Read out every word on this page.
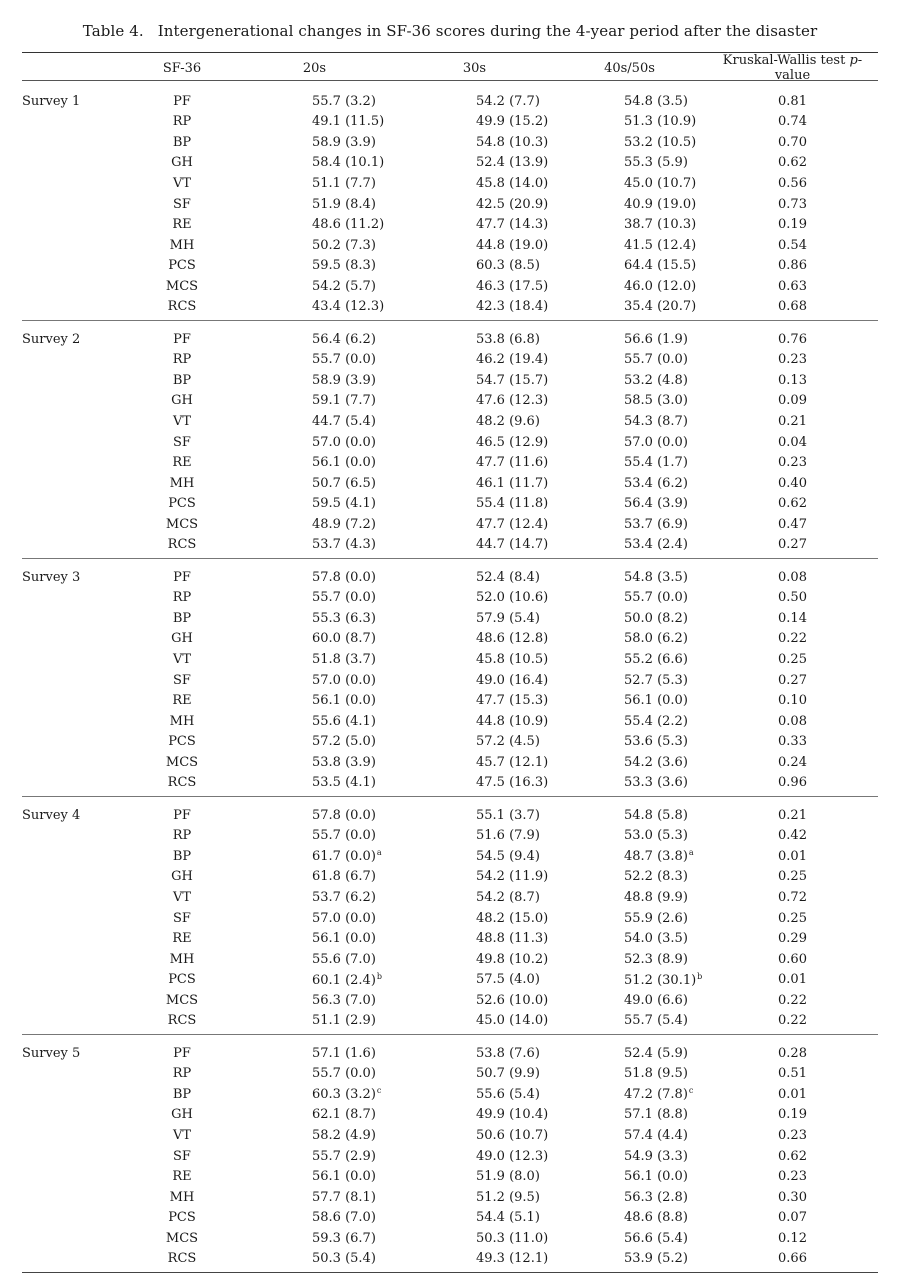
Table 4. Intergenerational changes in SF-36 scores during the 4-year period after the disaster
	SF-36	20s	30s	40s/50s	Kruskal-Wallis test p-value
Survey 1	PF	55.7 (3.2)	54.2 (7.7)	54.8 (3.5)	0.81
	RP	49.1 (11.5)	49.9 (15.2)	51.3 (10.9)	0.74
	BP	58.9 (3.9)	54.8 (10.3)	53.2 (10.5)	0.70
	GH	58.4 (10.1)	52.4 (13.9)	55.3 (5.9)	0.62
	VT	51.1 (7.7)	45.8 (14.0)	45.0 (10.7)	0.56
	SF	51.9 (8.4)	42.5 (20.9)	40.9 (19.0)	0.73
	RE	48.6 (11.2)	47.7 (14.3)	38.7 (10.3)	0.19
	MH	50.2 (7.3)	44.8 (19.0)	41.5 (12.4)	0.54
	PCS	59.5 (8.3)	60.3 (8.5)	64.4 (15.5)	0.86
	MCS	54.2 (5.7)	46.3 (17.5)	46.0 (12.0)	0.63
	RCS	43.4 (12.3)	42.3 (18.4)	35.4 (20.7)	0.68
Survey 2	PF	56.4 (6.2)	53.8 (6.8)	56.6 (1.9)	0.76
	RP	55.7 (0.0)	46.2 (19.4)	55.7 (0.0)	0.23
	BP	58.9 (3.9)	54.7 (15.7)	53.2 (4.8)	0.13
	GH	59.1 (7.7)	47.6 (12.3)	58.5 (3.0)	0.09
	VT	44.7 (5.4)	48.2 (9.6)	54.3 (8.7)	0.21
	SF	57.0 (0.0)	46.5 (12.9)	57.0 (0.0)	0.04
	RE	56.1 (0.0)	47.7 (11.6)	55.4 (1.7)	0.23
	MH	50.7 (6.5)	46.1 (11.7)	53.4 (6.2)	0.40
	PCS	59.5 (4.1)	55.4 (11.8)	56.4 (3.9)	0.62
	MCS	48.9 (7.2)	47.7 (12.4)	53.7 (6.9)	0.47
	RCS	53.7 (4.3)	44.7 (14.7)	53.4 (2.4)	0.27
Survey 3	PF	57.8 (0.0)	52.4 (8.4)	54.8 (3.5)	0.08
	RP	55.7 (0.0)	52.0 (10.6)	55.7 (0.0)	0.50
	BP	55.3 (6.3)	57.9 (5.4)	50.0 (8.2)	0.14
	GH	60.0 (8.7)	48.6 (12.8)	58.0 (6.2)	0.22
	VT	51.8 (3.7)	45.8 (10.5)	55.2 (6.6)	0.25
	SF	57.0 (0.0)	49.0 (16.4)	52.7 (5.3)	0.27
	RE	56.1 (0.0)	47.7 (15.3)	56.1 (0.0)	0.10
	MH	55.6 (4.1)	44.8 (10.9)	55.4 (2.2)	0.08
	PCS	57.2 (5.0)	57.2 (4.5)	53.6 (5.3)	0.33
	MCS	53.8 (3.9)	45.7 (12.1)	54.2 (3.6)	0.24
	RCS	53.5 (4.1)	47.5 (16.3)	53.3 (3.6)	0.96
Survey 4	PF	57.8 (0.0)	55.1 (3.7)	54.8 (5.8)	0.21
	RP	55.7 (0.0)	51.6 (7.9)	53.0 (5.3)	0.42
	BP	61.7 (0.0)$^a$	54.5 (9.4)	48.7 (3.8)$^a$	0.01
	GH	61.8 (6.7)	54.2 (11.9)	52.2 (8.3)	0.25
	VT	53.7 (6.2)	54.2 (8.7)	48.8 (9.9)	0.72
	SF	57.0 (0.0)	48.2 (15.0)	55.9 (2.6)	0.25
	RE	56.1 (0.0)	48.8 (11.3)	54.0 (3.5)	0.29
	MH	55.6 (7.0)	49.8 (10.2)	52.3 (8.9)	0.60
	PCS	60.1 (2.4)$^b$	57.5 (4.0)	51.2 (30.1)$^b$	0.01
	MCS	56.3 (7.0)	52.6 (10.0)	49.0 (6.6)	0.22
	RCS	51.1 (2.9)	45.0 (14.0)	55.7 (5.4)	0.22
Survey 5	PF	57.1 (1.6)	53.8 (7.6)	52.4 (5.9)	0.28
	RP	55.7 (0.0)	50.7 (9.9)	51.8 (9.5)	0.51
	BP	60.3 (3.2)$^c$	55.6 (5.4)	47.2 (7.8)$^c$	0.01
	GH	62.1 (8.7)	49.9 (10.4)	57.1 (8.8)	0.19
	VT	58.2 (4.9)	50.6 (10.7)	57.4 (4.4)	0.23
	SF	55.7 (2.9)	49.0 (12.3)	54.9 (3.3)	0.62
	RE	56.1 (0.0)	51.9 (8.0)	56.1 (0.0)	0.23
	MH	57.7 (8.1)	51.2 (9.5)	56.3 (2.8)	0.30
	PCS	58.6 (7.0)	54.4 (5.1)	48.6 (8.8)	0.07
	MCS	59.3 (6.7)	50.3 (11.0)	56.6 (5.4)	0.12
	RCS	50.3 (5.4)	49.3 (12.1)	53.9 (5.2)	0.66
